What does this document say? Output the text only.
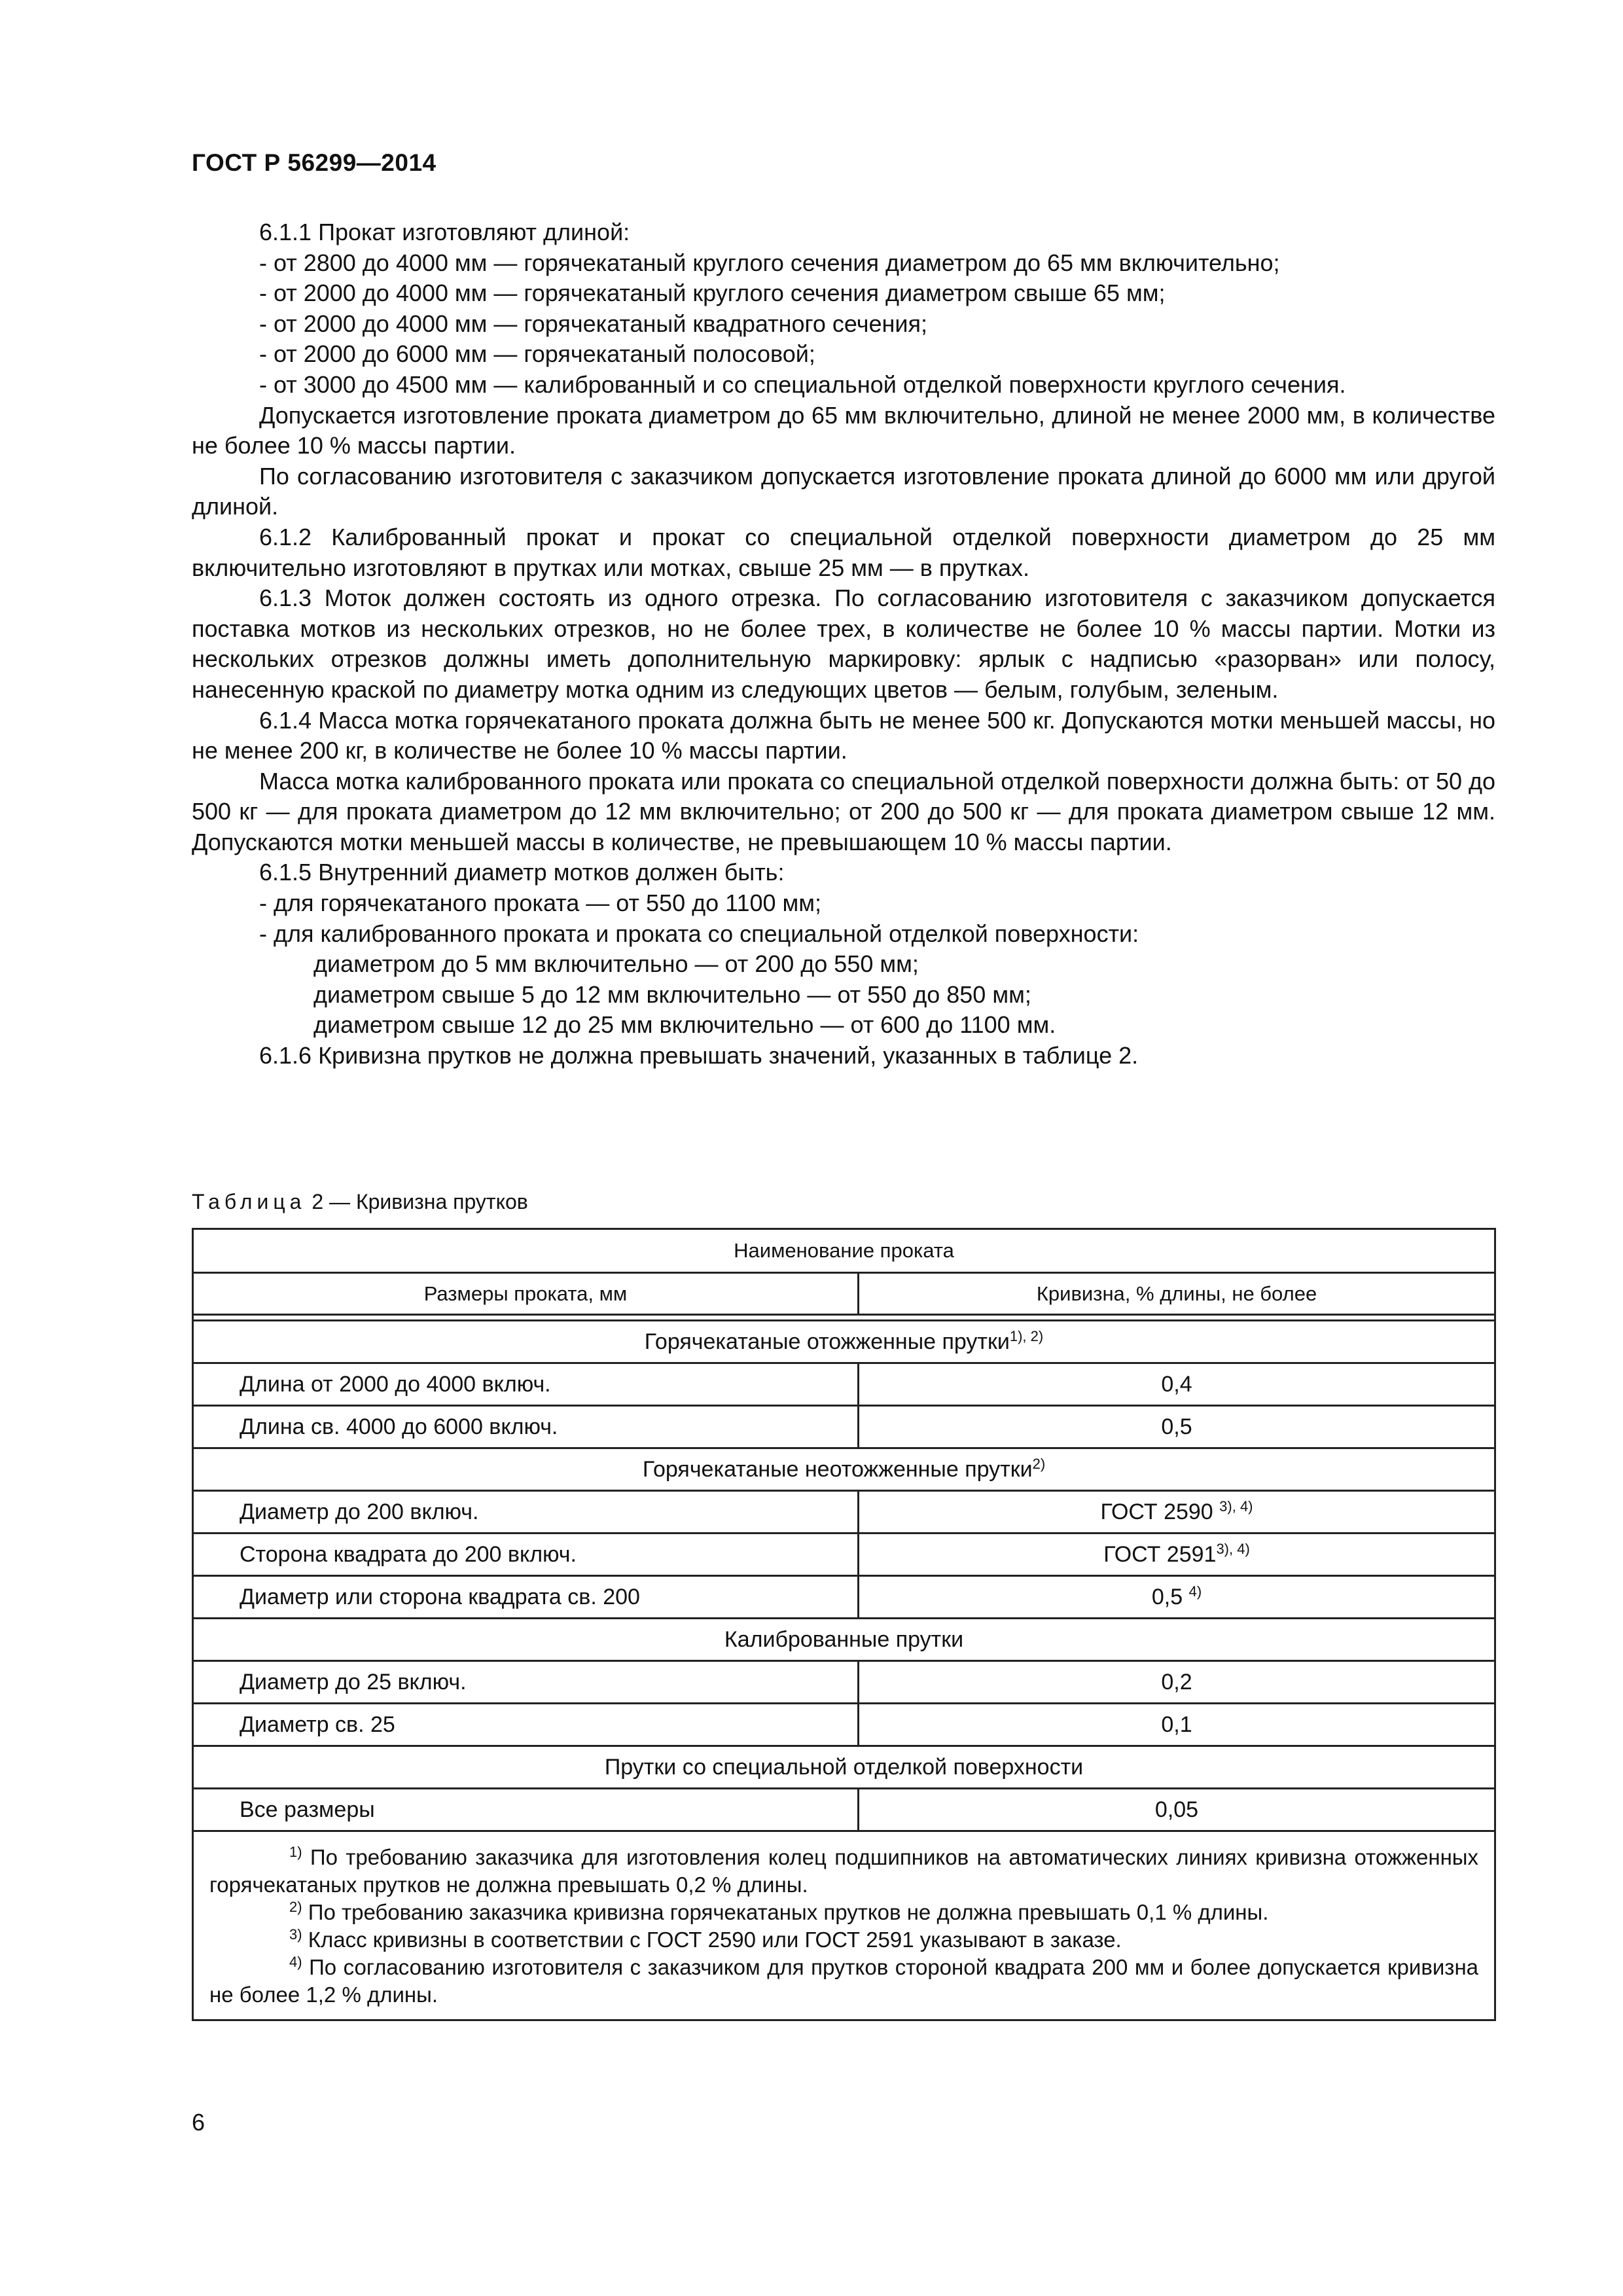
ГОСТ Р 56299—2014

6.1.1 Прокат изготовляют длиной:

- от 2800 до 4000 мм — горячекатаный круглого сечения диаметром до 65 мм включительно;

- от 2000 до 4000 мм — горячекатаный круглого сечения диаметром свыше 65 мм;

- от 2000 до 4000 мм — горячекатаный квадратного сечения;

- от 2000 до 6000 мм — горячекатаный полосовой;

- от 3000 до 4500 мм — калиброванный и со специальной отделкой поверхности круглого сечения.

Допускается изготовление проката диаметром до 65 мм включительно, длиной не менее 2000 мм, в количестве не более 10 % массы партии.

По согласованию изготовителя с заказчиком допускается изготовление проката длиной до 6000 мм или другой длиной.

6.1.2 Калиброванный прокат и прокат со специальной отделкой поверхности диаметром до 25 мм включительно изготовляют в прутках или мотках, свыше 25 мм — в прутках.

6.1.3 Моток должен состоять из одного отрезка. По согласованию изготовителя с заказчиком допускается поставка мотков из нескольких отрезков, но не более трех, в количестве не более 10 % массы партии. Мотки из нескольких отрезков должны иметь дополнительную маркировку: ярлык с надписью «разорван» или полосу, нанесенную краской по диаметру мотка одним из следующих цветов — белым, голубым, зеленым.

6.1.4 Масса мотка горячекатаного проката должна быть не менее 500 кг. Допускаются мотки меньшей массы, но не менее 200 кг, в количестве не более 10 % массы партии.

Масса мотка калиброванного проката или проката со специальной отделкой поверхности должна быть: от 50 до 500 кг — для проката диаметром до 12 мм включительно; от 200 до 500 кг — для проката диаметром свыше 12 мм. Допускаются мотки меньшей массы в количестве, не превышающем 10 % массы партии.

6.1.5 Внутренний диаметр мотков должен быть:

- для горячекатаного проката — от 550 до 1100 мм;

- для калиброванного проката и проката со специальной отделкой поверхности:

диаметром до 5 мм включительно — от 200 до 550 мм;

диаметром свыше 5 до 12 мм включительно — от 550 до 850 мм;

диаметром свыше 12 до 25 мм включительно — от 600 до 1100 мм.

6.1.6 Кривизна прутков не должна превышать значений, указанных в таблице 2.

Таблица 2 — Кривизна прутков
Наименование проката	
Размеры проката, мм	Кривизна, % длины, не более

Горячекатаные отожженные прутки$^{1), 2)}$
Длина от 2000 до 4000 включ.	0,4
Длина св. 4000 до 6000 включ.	0,5
Горячекатаные неотожженные прутки$^{2)}$
Диаметр до 200 включ.	ГОСТ 2590 $^{3), 4)}$
Сторона квадрата до 200 включ.	ГОСТ $2591^{3), 4)}$
Диаметр или сторона квадрата св. 200	0,5 $^{4)}$
Калиброванные прутки	
Диаметр до 25 включ.	0,2
Диаметр св. 25	0,1
Прутки со специальной отделкой поверхности	
Все размеры	0,05

$^{1)}$ По требованию заказчика для изготовления колец подшипников на автоматических линиях кривизна отожженных горячекатаных прутков не должна превышать 0,2 % длины.

$^{2)}$ По требованию заказчика кривизна горячекатаных прутков не должна превышать 0,1 % длины.

$^{3)}$ Класс кривизны в соответствии с ГОСТ 2590 или ГОСТ 2591 указывают в заказе.

$^{4)}$ По согласованию изготовителя с заказчиком для прутков стороной квадрата 200 мм и более допускается кривизна не более 1,2 % длины.	

6
